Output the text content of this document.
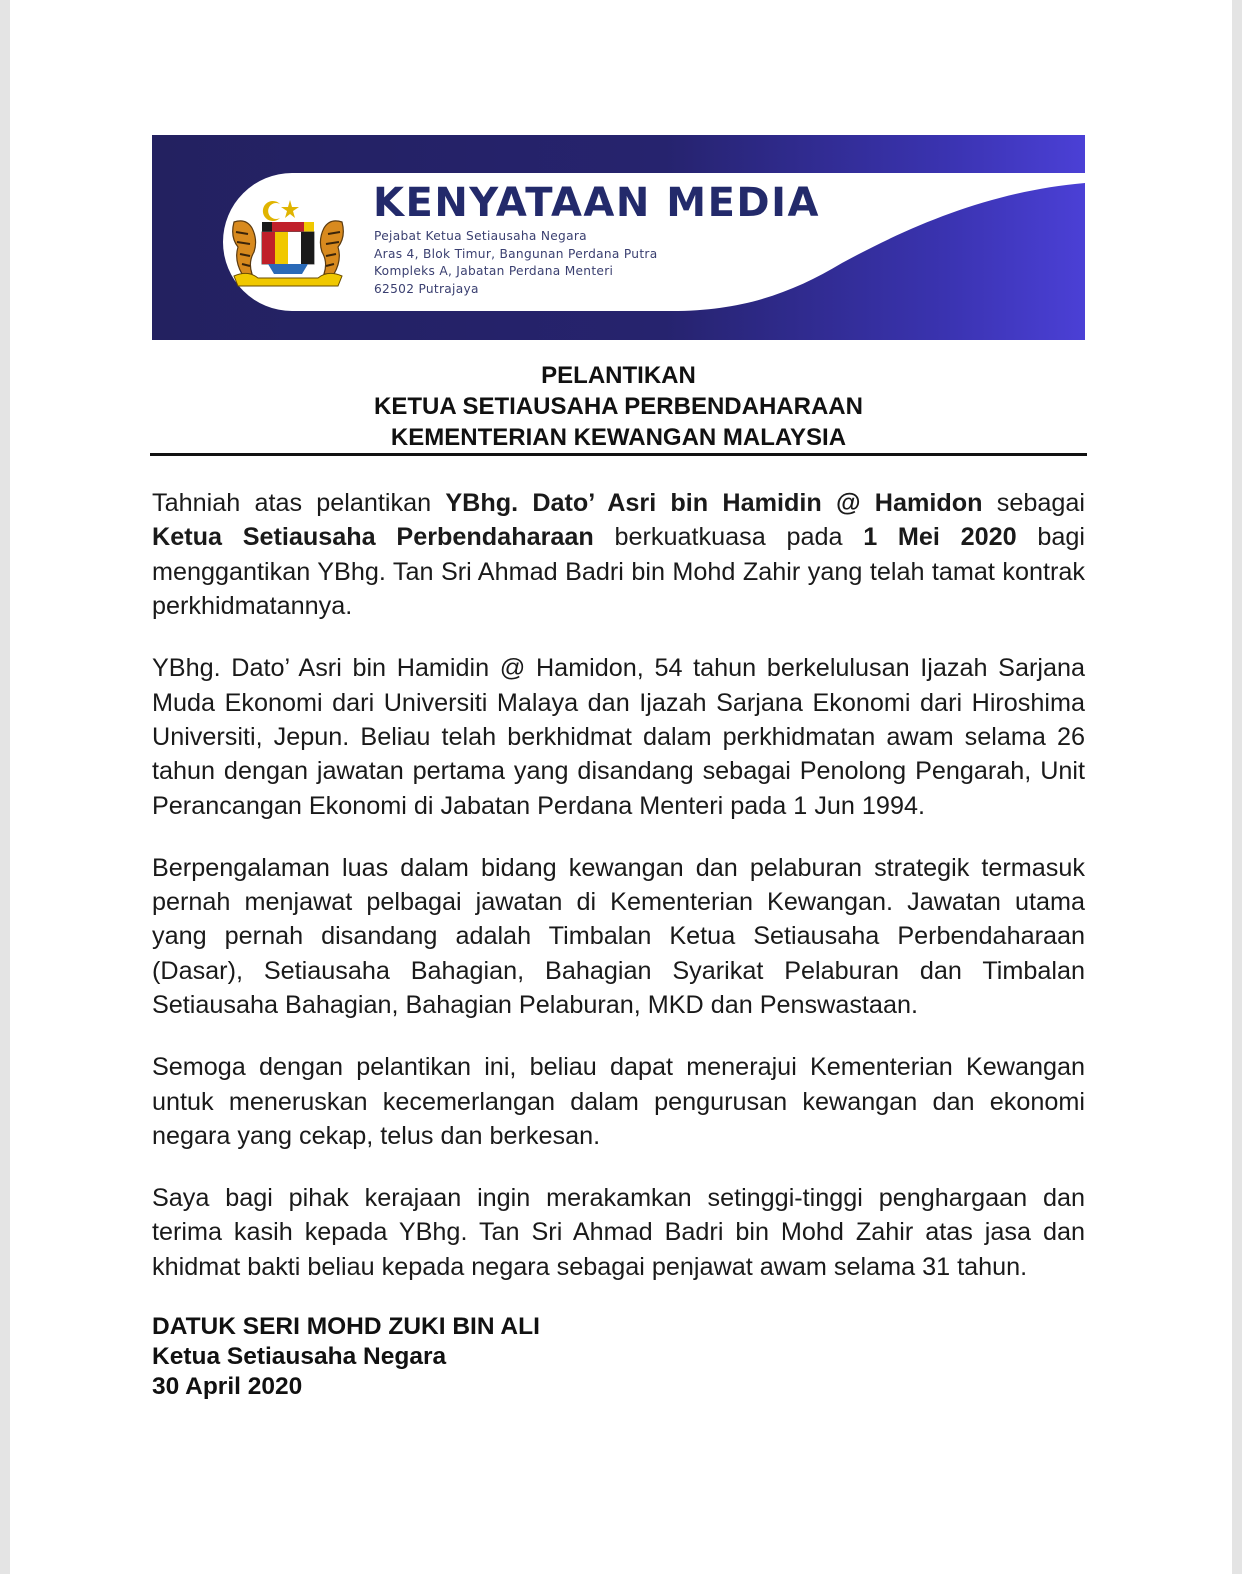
KENYATAAN MEDIA
Pejabat Ketua Setiausaha Negara
Aras 4, Blok Timur, Bangunan Perdana Putra
Kompleks A, Jabatan Perdana Menteri
62502 Putrajaya
PELANTIKAN
KETUA SETIAUSAHA PERBENDAHARAAN
KEMENTERIAN KEWANGAN MALAYSIA

Tahniah atas pelantikan YBhg. Dato’ Asri bin Hamidin @ Hamidon sebagai Ketua Setiausaha Perbendaharaan berkuatkuasa pada 1 Mei 2020 bagi menggantikan YBhg. Tan Sri Ahmad Badri bin Mohd Zahir yang telah tamat kontrak perkhidmatannya.

YBhg. Dato’ Asri bin Hamidin @ Hamidon, 54 tahun berkelulusan Ijazah Sarjana Muda Ekonomi dari Universiti Malaya dan Ijazah Sarjana Ekonomi dari Hiroshima Universiti, Jepun. Beliau telah berkhidmat dalam perkhidmatan awam selama 26 tahun dengan jawatan pertama yang disandang sebagai Penolong Pengarah, Unit Perancangan Ekonomi di Jabatan Perdana Menteri pada 1 Jun 1994.

Berpengalaman luas dalam bidang kewangan dan pelaburan strategik termasuk pernah menjawat pelbagai jawatan di Kementerian Kewangan. Jawatan utama yang pernah disandang adalah Timbalan Ketua Setiausaha Perbendaharaan (Dasar), Setiausaha Bahagian, Bahagian Syarikat Pelaburan dan Timbalan Setiausaha Bahagian, Bahagian Pelaburan, MKD dan Penswastaan.

Semoga dengan pelantikan ini, beliau dapat menerajui Kementerian Kewangan untuk meneruskan kecemerlangan dalam pengurusan kewangan dan ekonomi negara yang cekap, telus dan berkesan.

Saya bagi pihak kerajaan ingin merakamkan setinggi-tinggi penghargaan dan terima kasih kepada YBhg. Tan Sri Ahmad Badri bin Mohd Zahir atas jasa dan khidmat bakti beliau kepada negara sebagai penjawat awam selama 31 tahun.

DATUK SERI MOHD ZUKI BIN ALI
Ketua Setiausaha Negara
30 April 2020
